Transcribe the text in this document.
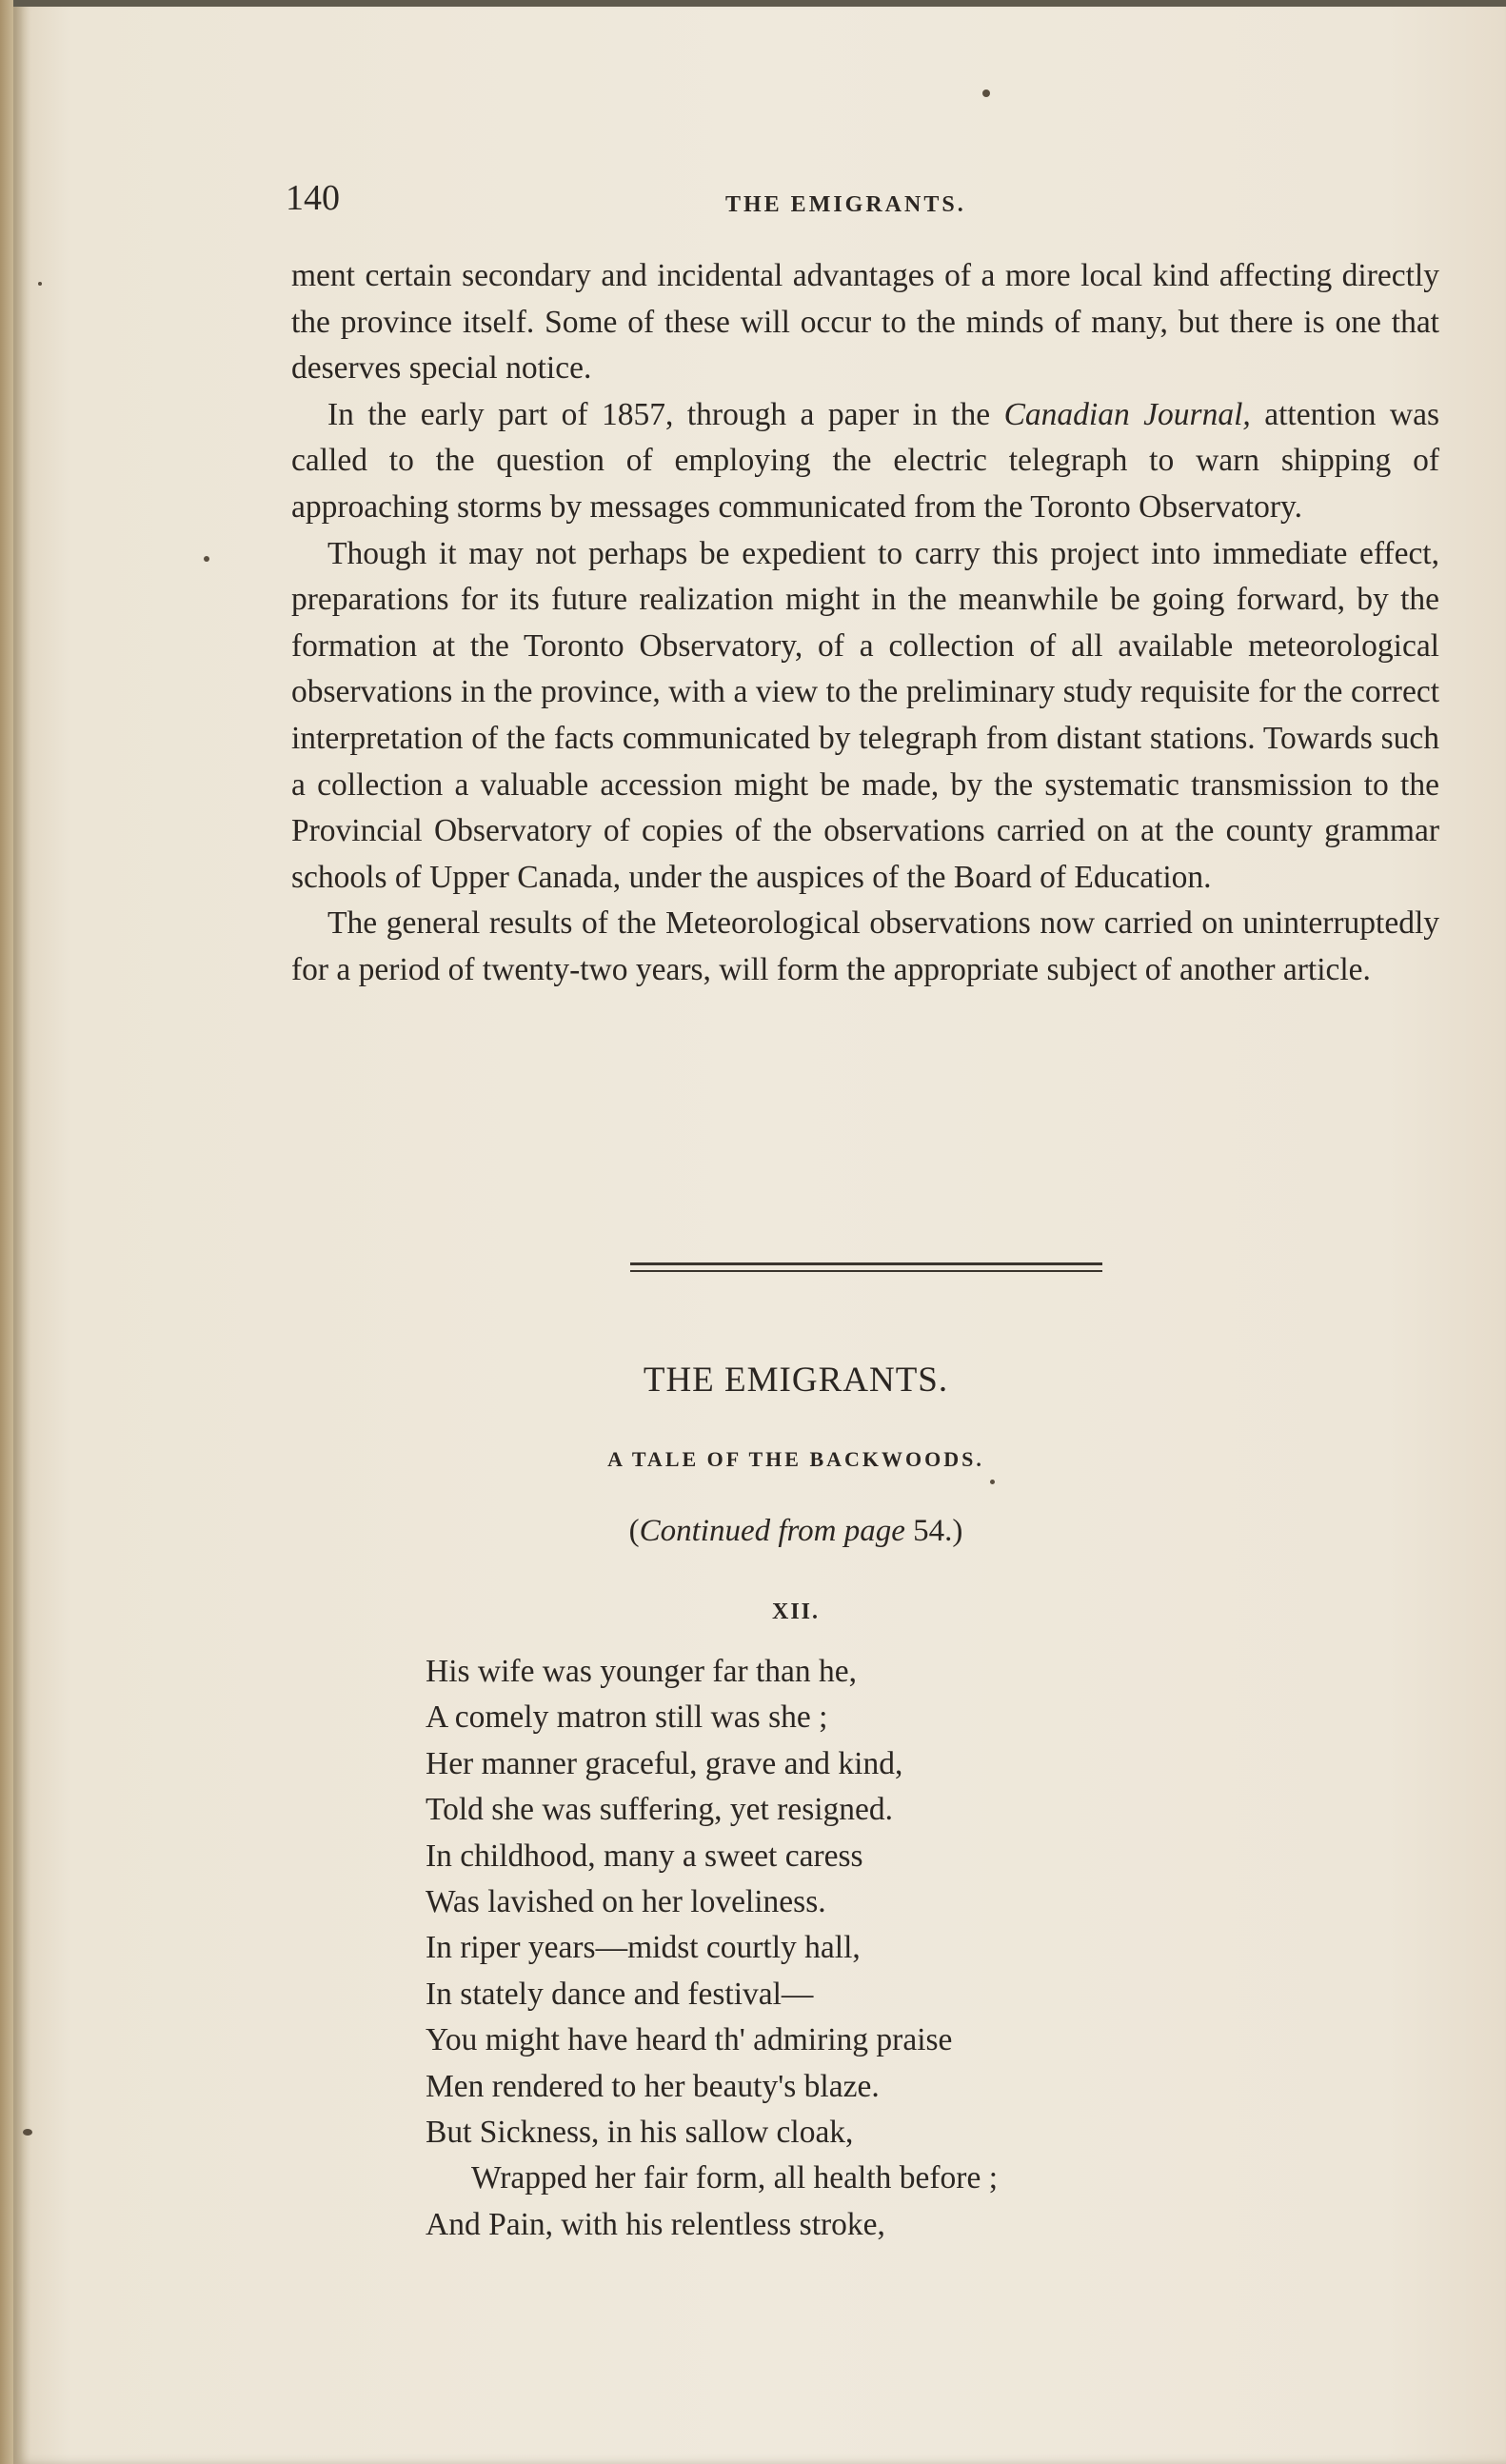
140	THE EMIGRANTS.

ment certain secondary and incidental advantages of a more local kind affecting directly the province itself. Some of these will occur to the minds of many, but there is one that deserves special notice.

In the early part of 1857, through a paper in the Canadian Journal, attention was called to the question of employing the electric telegraph to warn shipping of approaching storms by messages communicated from the Toronto Observatory.

Though it may not perhaps be expedient to carry this project into immediate effect, preparations for its future realization might in the meanwhile be going forward, by the formation at the Toronto Observatory, of a collection of all available meteorological observations in the province, with a view to the preliminary study requisite for the correct interpretation of the facts communicated by telegraph from distant stations. Towards such a collection a valuable accession might be made, by the systematic transmission to the Provincial Observatory of copies of the observations carried on at the county grammar schools of Upper Canada, under the auspices of the Board of Education.

The general results of the Meteorological observations now carried on uninterruptedly for a period of twenty-two years, will form the appropriate subject of another article.

THE EMIGRANTS.
A TALE OF THE BACKWOODS.
(Continued from page 54.)
XII.
His wife was younger far than he,
A comely matron still was she ;
Her manner graceful, grave and kind,
Told she was suffering, yet resigned.
In childhood, many a sweet caress
Was lavished on her loveliness.
In riper years—midst courtly hall,
In stately dance and festival—
You might have heard th' admiring praise
Men rendered to her beauty's blaze.
But Sickness, in his sallow cloak,
Wrapped her fair form, all health before ;
And Pain, with his relentless stroke,
